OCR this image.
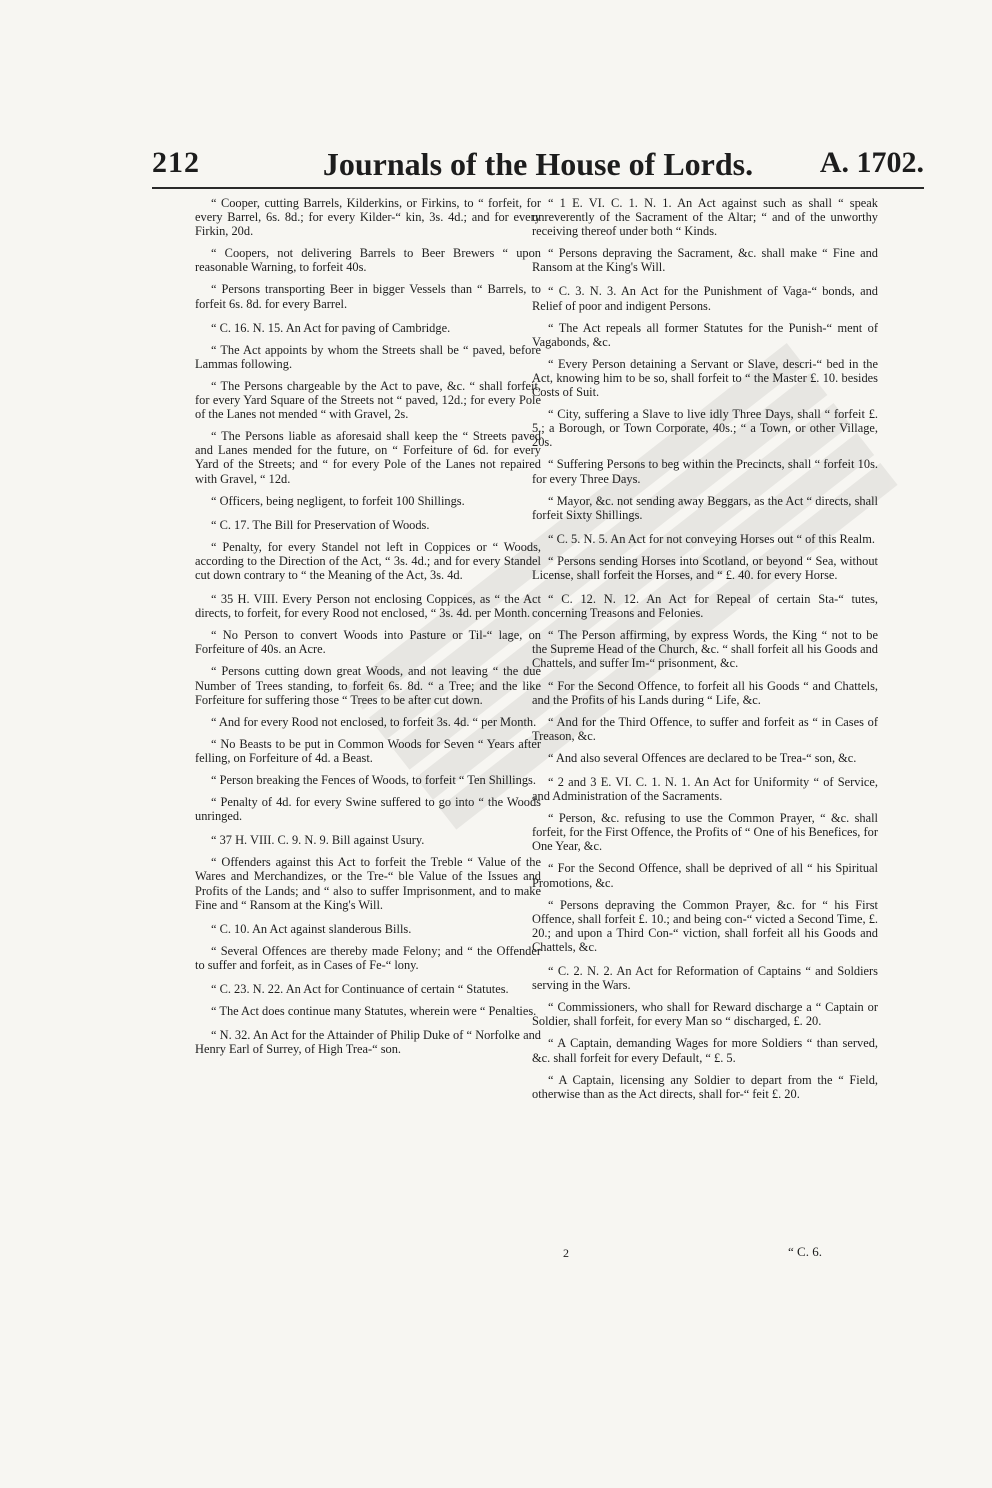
212	Journals of the House of Lords.	A. 1702.

“ Cooper, cutting Barrels, Kilderkins, or Firkins, to “ forfeit, for every Barrel, 6s. 8d.; for every Kilder-“ kin, 3s. 4d.; and for every Firkin, 20d.

“ Coopers, not delivering Barrels to Beer Brewers “ upon reasonable Warning, to forfeit 40s.

“ Persons transporting Beer in bigger Vessels than “ Barrels, to forfeit 6s. 8d. for every Barrel.

“ C. 16. N. 15. An Act for paving of Cambridge.

“ The Act appoints by whom the Streets shall be “ paved, before Lammas following.

“ The Persons chargeable by the Act to pave, &c. “ shall forfeit, for every Yard Square of the Streets not “ paved, 12d.; for every Pole of the Lanes not mended “ with Gravel, 2s.

“ The Persons liable as aforesaid shall keep the “ Streets paved and Lanes mended for the future, on “ Forfeiture of 6d. for every Yard of the Streets; and “ for every Pole of the Lanes not repaired with Gravel, “ 12d.

“ Officers, being negligent, to forfeit 100 Shillings.

“ C. 17. The Bill for Preservation of Woods.

“ Penalty, for every Standel not left in Coppices or “ Woods, according to the Direction of the Act, “ 3s. 4d.; and for every Standel cut down contrary to “ the Meaning of the Act, 3s. 4d.

“ 35 H. VIII. Every Person not enclosing Coppices, as “ the Act directs, to forfeit, for every Rood not enclosed, “ 3s. 4d. per Month.

“ No Person to convert Woods into Pasture or Til-“ lage, on Forfeiture of 40s. an Acre.

“ Persons cutting down great Woods, and not leaving “ the due Number of Trees standing, to forfeit 6s. 8d. “ a Tree; and the like Forfeiture for suffering those “ Trees to be after cut down.

“ And for every Rood not enclosed, to forfeit 3s. 4d. “ per Month.

“ No Beasts to be put in Common Woods for Seven “ Years after felling, on Forfeiture of 4d. a Beast.

“ Person breaking the Fences of Woods, to forfeit “ Ten Shillings.

“ Penalty of 4d. for every Swine suffered to go into “ the Woods unringed.

“ 37 H. VIII. C. 9. N. 9. Bill against Usury.

“ Offenders against this Act to forfeit the Treble “ Value of the Wares and Merchandizes, or the Tre-“ ble Value of the Issues and Profits of the Lands; and “ also to suffer Imprisonment, and to make Fine and “ Ransom at the King's Will.

“ C. 10. An Act against slanderous Bills.

“ Several Offences are thereby made Felony; and “ the Offender to suffer and forfeit, as in Cases of Fe-“ lony.

“ C. 23. N. 22. An Act for Continuance of certain “ Statutes.

“ The Act does continue many Statutes, wherein were “ Penalties.

“ N. 32. An Act for the Attainder of Philip Duke of “ Norfolke and Henry Earl of Surrey, of High Trea-“ son.

“ 1 E. VI. C. 1. N. 1. An Act against such as shall “ speak unreverently of the Sacrament of the Altar; “ and of the unworthy receiving thereof under both “ Kinds.

“ Persons depraving the Sacrament, &c. shall make “ Fine and Ransom at the King's Will.

“ C. 3. N. 3. An Act for the Punishment of Vaga-“ bonds, and Relief of poor and indigent Persons.

“ The Act repeals all former Statutes for the Punish-“ ment of Vagabonds, &c.

“ Every Person detaining a Servant or Slave, descri-“ bed in the Act, knowing him to be so, shall forfeit to “ the Master £. 10. besides Costs of Suit.

“ City, suffering a Slave to live idly Three Days, shall “ forfeit £. 5.; a Borough, or Town Corporate, 40s.; “ a Town, or other Village, 20s.

“ Suffering Persons to beg within the Precincts, shall “ forfeit 10s. for every Three Days.

“ Mayor, &c. not sending away Beggars, as the Act “ directs, shall forfeit Sixty Shillings.

“ C. 5. N. 5. An Act for not conveying Horses out “ of this Realm.

“ Persons sending Horses into Scotland, or beyond “ Sea, without License, shall forfeit the Horses, and “ £. 40. for every Horse.

“ C. 12. N. 12. An Act for Repeal of certain Sta-“ tutes, concerning Treasons and Felonies.

“ The Person affirming, by express Words, the King “ not to be the Supreme Head of the Church, &c. “ shall forfeit all his Goods and Chattels, and suffer Im-“ prisonment, &c.

“ For the Second Offence, to forfeit all his Goods “ and Chattels, and the Profits of his Lands during “ Life, &c.

“ And for the Third Offence, to suffer and forfeit as “ in Cases of Treason, &c.

“ And also several Offences are declared to be Trea-“ son, &c.

“ 2 and 3 E. VI. C. 1. N. 1. An Act for Uniformity “ of Service, and Administration of the Sacraments.

“ Person, &c. refusing to use the Common Prayer, “ &c. shall forfeit, for the First Offence, the Profits of “ One of his Benefices, for One Year, &c.

“ For the Second Offence, shall be deprived of all “ his Spiritual Promotions, &c.

“ Persons depraving the Common Prayer, &c. for “ his First Offence, shall forfeit £. 10.; and being con-“ victed a Second Time, £. 20.; and upon a Third Con-“ viction, shall forfeit all his Goods and Chattels, &c.

“ C. 2. N. 2. An Act for Reformation of Captains “ and Soldiers serving in the Wars.

“ Commissioners, who shall for Reward discharge a “ Captain or Soldier, shall forfeit, for every Man so “ discharged, £. 20.

“ A Captain, demanding Wages for more Soldiers “ than served, &c. shall forfeit for every Default, “ £. 5.

“ A Captain, licensing any Soldier to depart from the “ Field, otherwise than as the Act directs, shall for-“ feit £. 20.

2	“ C. 6.
